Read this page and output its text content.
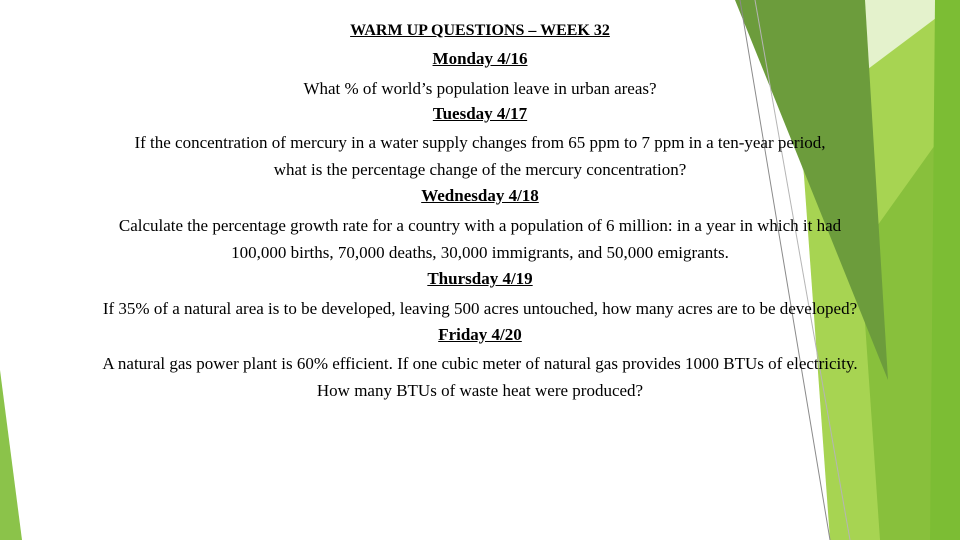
WARM UP QUESTIONS – WEEK 32
Monday 4/16
What % of world’s population leave in urban areas?
Tuesday 4/17
If the concentration of mercury in a water supply changes from 65 ppm to 7 ppm in a ten-year period,
what is the percentage change of the mercury concentration?
Wednesday 4/18
Calculate the percentage growth rate for a country with a population of 6 million: in a year in which it had
100,000 births, 70,000 deaths, 30,000 immigrants, and 50,000 emigrants.
Thursday 4/19
If 35% of a natural area is to be developed, leaving 500 acres untouched, how many acres are to be developed?
Friday 4/20
A natural gas power plant is 60% efficient. If one cubic meter of natural gas provides 1000 BTUs of electricity.
How many BTUs of waste heat were produced?
